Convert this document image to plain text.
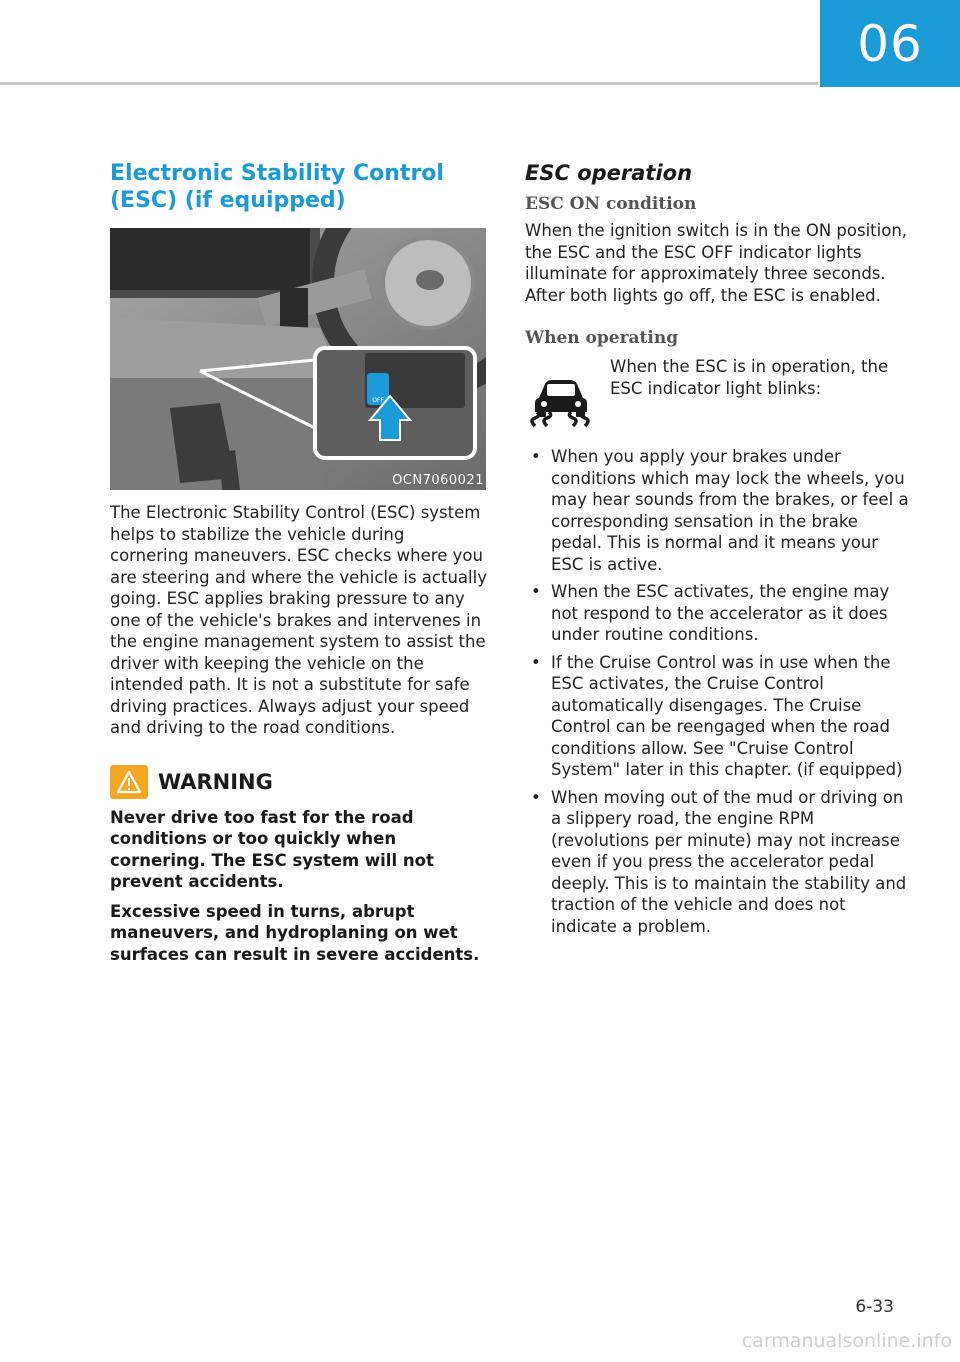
06
Electronic Stability Control (ESC) (if equipped)
OFF
OCN7060021

The Electronic Stability Control (ESC) system helps to stabilize the vehicle during cornering maneuvers. ESC checks where you are steering and where the vehicle is actually going. ESC applies braking pressure to any one of the vehicle's brakes and intervenes in the engine management system to assist the driver with keeping the vehicle on the intended path. It is not a substitute for safe driving practices. Always adjust your speed and driving to the road conditions.

WARNING

Never drive too fast for the road conditions or too quickly when cornering. The ESC system will not prevent accidents.

Excessive speed in turns, abrupt maneuvers, and hydroplaning on wet surfaces can result in severe accidents.

ESC operation
ESC ON condition

When the ignition switch is in the ON position, the ESC and the ESC OFF indicator lights illuminate for approximately three seconds. After both lights go off, the ESC is enabled.

When operating
When the ESC is in operation, the ESC indicator light blinks:
• When you apply your brakes under conditions which may lock the wheels, you may hear sounds from the brakes, or feel a corresponding sensation in the brake pedal. This is normal and it means your ESC is active.
• When the ESC activates, the engine may not respond to the accelerator as it does under routine conditions.
• If the Cruise Control was in use when the ESC activates, the Cruise Control automatically disengages. The Cruise Control can be reengaged when the road conditions allow. See "Cruise Control System" later in this chapter. (if equipped)
• When moving out of the mud or driving on a slippery road, the engine RPM (revolutions per minute) may not increase even if you press the accelerator pedal deeply. This is to maintain the stability and traction of the vehicle and does not indicate a problem.
6-33
carmanualsonline.info
